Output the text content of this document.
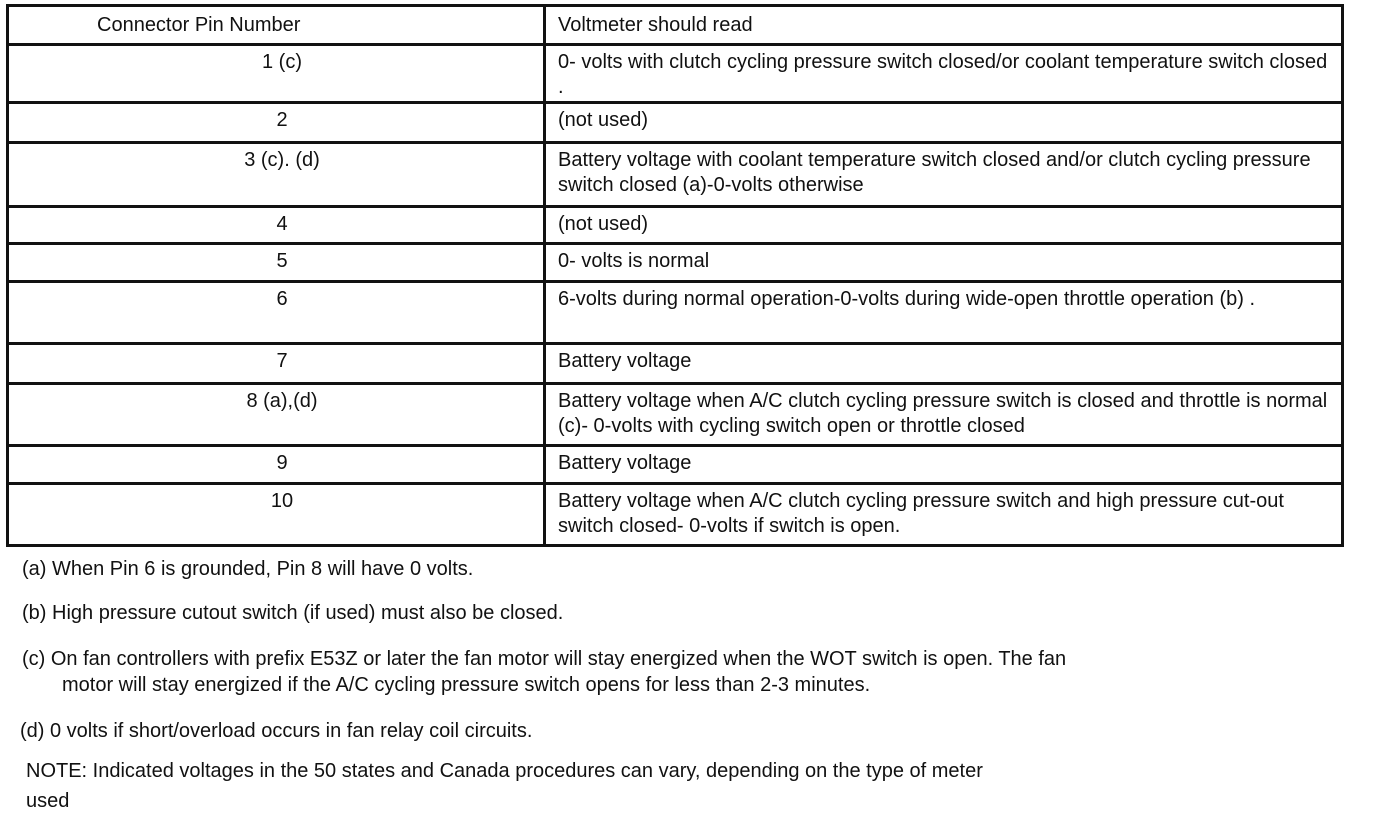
Connector Pin Number	Voltmeter should read
1 (c)	0- volts with clutch cycling pressure switch closed/or coolant temperature switch closed .
2	(not used)
3 (c). (d)	Battery voltage with coolant temperature switch closed and/or clutch cycling pressure switch closed (a)-0-volts otherwise
4	(not used)
5	0- volts is normal
6	6-volts during normal operation-0-volts during wide-open throttle operation (b) .
7	Battery voltage
8 (a),(d)	Battery voltage when A/C clutch cycling pressure switch is closed and throttle is normal (c)- 0-volts with cycling switch open or throttle closed
9	Battery voltage
10	Battery voltage when A/C clutch cycling pressure switch and high pressure cut-out switch closed- 0-volts if switch is open.
(a) When Pin 6 is grounded, Pin 8 will have 0 volts.
(b) High pressure cutout switch (if used) must also be closed.
(c) On fan controllers with prefix E53Z or later the fan motor will stay energized when the WOT switch is open. The fan
motor will stay energized if the A/C cycling pressure switch opens for less than 2-3 minutes.
(d) 0 volts if short/overload occurs in fan relay coil circuits.
NOTE: Indicated voltages in the 50 states and Canada procedures can vary, depending on the type of meter
used
